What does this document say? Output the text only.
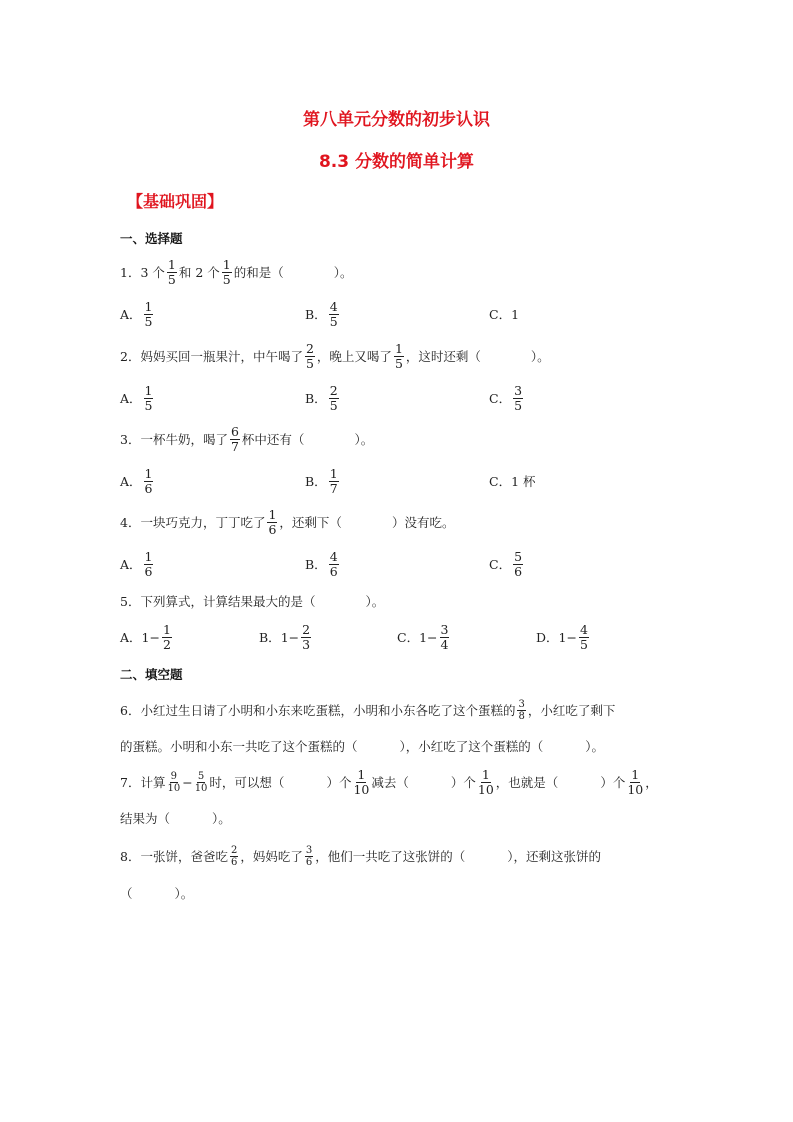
第八单元分数的初步认识
8.3 分数的简单计算
【基础巩固】
一、选择题
1． 3 个 $\frac{1}{5}$ 和 2 个 $\frac{1}{5}$ 的和是（	）。
A． $\frac{1}{5}$	B． $\frac{4}{5}$	C． 1
2． 妈妈买回一瓶果汁，中午喝了 $\frac{2}{5}$ ，晚上又喝了 $\frac{1}{5}$ ，这时还剩（	）。
A． $\frac{1}{5}$	B． $\frac{2}{5}$	C． $\frac{3}{5}$
3． 一杯牛奶，喝了 $\frac{6}{7}$ 杯中还有（	）。
A． $\frac{1}{6}$	B． $\frac{1}{7}$	C． 1 杯
4． 一块巧克力，丁丁吃了 $\frac{1}{6}$ ，还剩下（	）没有吃。
A． $\frac{1}{6}$	B． $\frac{4}{6}$	C． $\frac{5}{6}$
5． 下列算式，计算结果最大的是（	）。
A． $1- \frac{1}{2}$	B． $1- \frac{2}{3}$	C． $1- \frac{3}{4}$	D． $1- \frac{4}{5}$
二、填空题
6． 小红过生日请了小明和小东来吃蛋糕，小明和小东各吃了这个蛋糕的 $\frac{3}{8}$ ，小红吃了剩下
的蛋糕。小明和小东一共吃了这个蛋糕的（	），小红吃了这个蛋糕的（	）。
7． 计算 $\frac{9}{10} - \frac{5}{10}$ 时，可以想（	）个 $\frac{1}{10}$ 减去（	）个 $\frac{1}{10}$ ，也就是（	）个 $\frac{1}{10}$ ，
结果为（	）。
8． 一张饼，爸爸吃 $\frac{2}{6}$ ，妈妈吃了 $\frac{3}{6}$ ，他们一共吃了这张饼的（	），还剩这张饼的
（	）。
